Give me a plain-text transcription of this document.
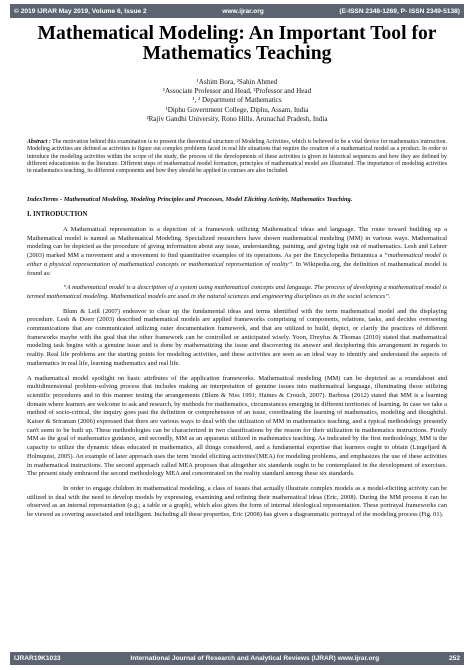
© 2019 IJRAR May 2019, Volume 6, Issue 2	www.ijrar.org	(E-ISSN 2348-1269, P- ISSN 2349-5138)
Mathematical Modeling: An Important Tool for Mathematics Teaching
¹Ashim Bora, ²Sahin Ahmed
¹Associate Professor and Head, ²Professor and Head
¹, ² Department of Mathematics
¹Diphu Government College, Diphu, Assam, India
²Rajiv Gandhi University, Rono Hills. Arunachal Pradesh, India
Abstract : The motivation behind this examination is to present the theoretical structure of Modeling Activities, which is believed to be a vital device for mathematics instruction. Modeling activities are defined as activities to figure out complex problems faced in real life situations that require the creation of a mathematical model as a product. In order to introduce the modeling activities within the scope of the study, the process of the developments of these activities is given in historical sequences and how they are defined by different educationists in the literature. Different steps of mathematical model formation, principles of mathematical model are illustrated. The importance of modeling activities in mathematics teaching, its different components and how they should be applied in courses are also included.
IndexTerms - Mathematical Modeling, Modeling Principles and Processes, Model Eliciting Activity, Mathematics Teaching.
I. INTRODUCTION

A Mathematical representation is a depiction of a framework utilizing Mathematical ideas and language. The route toward building up a Mathematical model is named as Mathematical Modeling. Specialized researchers have shown mathematical modeling (MM) in various ways. Mathematical modeling can be depicted as the procedure of giving information about any issue, understanding, painting, and giving light out of mathematics. Lesh and Lehrer (2003) marked MM a movement and a movement to find quantitative examples of its operations. As per the Encyclopedia Britannica a “mathematical model is either a physical representation of mathematical concepts or mathematical representation of reality”. In Wikipedia.org, the definition of mathematical model is found as:

“A mathematical model is a description of a system using mathematical concepts and language. The process of developing a mathematical model is termed mathematical modeling. Mathematical models are used in the natural sciences and engineering disciplines as in the social sciences”.

Blum & Leiß (2007) endeavor to clear up the fundamental ideas and terms identified with the term mathematical model and the displaying procedure. Lesh & Doerr (2003) described mathematical models are applied frameworks comprising of components, relations, tasks, and decides overseeing communications that are communicated utilizing outer documentation framework, and that are utilized to build, depict, or clarify the practices of different frameworks maybe with the goal that the other framework can be controlled or anticipated wisely. Yoon, Dreyfus & Thomas (2010) stated that mathematical modeling task begins with a genuine issue and is done by mathematizing the issue and discovering its answer and deciphering this arrangement in regards to reality. Real life problems are the starting points for modeling activities, and these activities are seen as an ideal way to identify and understand the aspects of mathematics in real life, learning mathematics and real life.

A mathematical model spotlight on basic attributes of the application frameworks. Mathematical modeling (MM) can be depicted as a roundabout and multidimensional problem-solving process that includes making an interpretation of genuine issues into mathematical language, illuminating those utilizing scientific procedures and in this manner testing the arrangements (Blum & Niss 1991; Haines & Crouch, 2007). Barbosa (2012) stated that MM is a learning domain where learners are welcome to ask and research, by methods for mathematics, circumstances emerging in different territories of learning. In case we take a method of socio-critical, the inquiry goes past the definition or comprehension of an issue, coordinating the learning of mathematics, modeling and thoughtful. Kaiser & Sriraman (2006) expressed that there are various ways to deal with the utilization of MM in mathematics teaching, and a typical methodology presently can't seem to be built up. These methodologies can be characterized in two classifications by the reason for their utilization in mathematics instructions. Firstly MM as the goal of mathematics guidance, and secondly, MM as an apparatus utilized in mathematics teaching. As indicated by the first methodology, MM is the capacity to utilize the dynamic ideas educated in mathematics, all things considered, and a fundamental expertise that learners ought to obtain (Lingefjard & Holmquist, 2005). An example of later approach uses the term 'model eliciting activities'(MEA) for modeling problems, and emphasizes the use of these activities in mathematical instructions. The second approach called MEA proposes that altogether six standards ought to be contemplated in the development of exercises. The present study embraced the second methodology MEA and concentrated on the reality standard among these six standards.

In order to engage children in mathematical modeling, a class of issues that actually illustrate complex models as a model-eliciting activity can be utilized to deal with the need to develop models by expressing, examining and refining their mathematical ideas (Eric, 2008). During the MM process it can be observed as an internal representation (e.g.; a table or a graph), which also gives the form of internal ideological representation. These portrayal frameworks can be viewed as covering associated and intelligent. Including all these properties, Eric (2008) has given a diagrammatic portrayal of the modeling process (Fig. 01).

IJRAR19K1033	International Journal of Research and Analytical Reviews (IJRAR) www.ijrar.org	252
